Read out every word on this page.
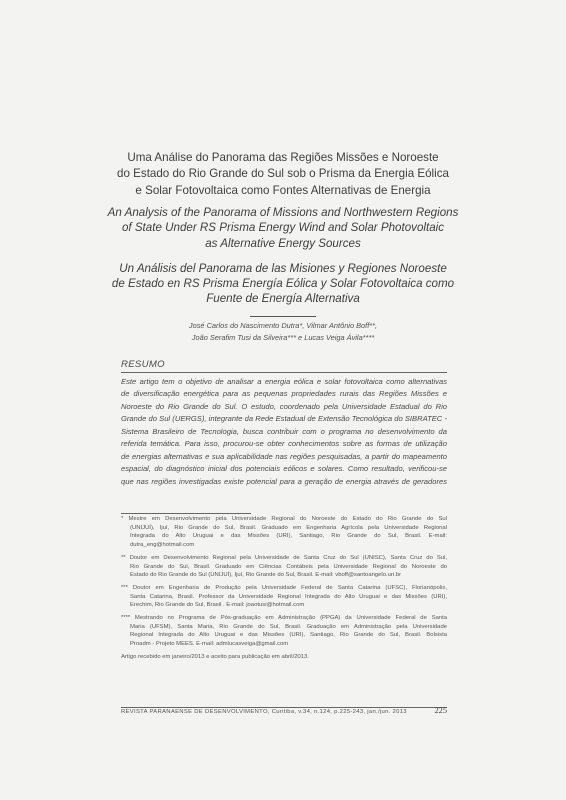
Uma Análise do Panorama das Regiões Missões e Noroeste
do Estado do Rio Grande do Sul sob o Prisma da Energia Eólica
e Solar Fotovoltaica como Fontes Alternativas de Energia
An Analysis of the Panorama of Missions and Northwestern Regions
of State Under RS Prisma Energy Wind and Solar Photovoltaic
as Alternative Energy Sources
Un Análisis del Panorama de las Misiones y Regiones Noroeste
de Estado en RS Prisma Energía Eólica y Solar Fotovoltaica como
Fuente de Energía Alternativa
José Carlos do Nascimento Dutra*, Vilmar Antônio Boff**,
João Serafim Tusi da Silveira*** e Lucas Veiga Ávila****
RESUMO
Este artigo tem o objetivo de analisar a energia eólica e solar fotovoltaica como alternativas
de diversificação energética para as pequenas propriedades rurais das Regiões Missões e
Noroeste do Rio Grande do Sul. O estudo, coordenado pela Universidade Estadual do Rio
Grande do Sul (UERGS), integrante da Rede Estadual de Extensão Tecnológica do SIBRATEC -
Sistema Brasileiro de Tecnologia, busca contribuir com o programa no desenvolvimento da
referida temática. Para isso, procurou-se obter conhecimentos sobre as formas de utilização
de energias alternativas e sua aplicabilidade nas regiões pesquisadas, a partir do mapeamento
espacial, do diagnóstico inicial dos potenciais eólicos e solares. Como resultado, verificou-se
que nas regiões investigadas existe potencial para a geração de energia através de geradores
* Mestre em Desenvolvimento pela Universidade Regional do Noroeste do Estado do Rio Grande do Sul
(UNIJUÍ), Ijuí, Rio Grande do Sul, Brasil. Graduado em Engenharia Agrícola pela Universidade Regional
Integrada do Alto Uruguai e das Missões (URI), Santiago, Rio Grande do Sul, Brasil. E-mail:
dutra_eng@hotmail.com
** Doutor em Desenvolvimento Regional pela Universidade de Santa Cruz do Sul (UNISC), Santa Cruz do Sul,
Rio Grande do Sul, Brasil. Graduado em Ciências Contábeis pela Universidade Regional do Noroeste do
Estado do Rio Grande do Sul (UNIJUÍ), Ijuí, Rio Grande do Sul, Brasil. E-mail: vboff@santoangelo.uri.br
*** Doutor em Engenharia de Produção pela Universidade Federal de Santa Catarina (UFSC), Florianópolis,
Santa Catarina, Brasil. Professor da Universidade Regional Integrada do Alto Uruguai e das Missões (URI),
Erechim, Rio Grande do Sul, Brasil . E-mail: joaotusi@hotmail.com
**** Mestrando no Programa de Pós-graduação em Administração (PPGA) da Universidade Federal de Santa
Maria (UFSM), Santa Maria, Rio Grande do Sul, Brasil. Graduação em Administração pela Universidade
Regional Integrada do Alto Uruguai e das Missões (URI), Santiago, Rio Grande do Sul, Brasil. Bolsista
Proadm - Projeto MEES. E-mail: admlucasveiga@gmail.com
Artigo recebido em janeiro/2013 e aceito para publicação em abril/2013.
REVISTA PARANAENSE DE DESENVOLVIMENTO, Curitiba, v.34, n.124, p.225-243, jan./jun. 2013	225
